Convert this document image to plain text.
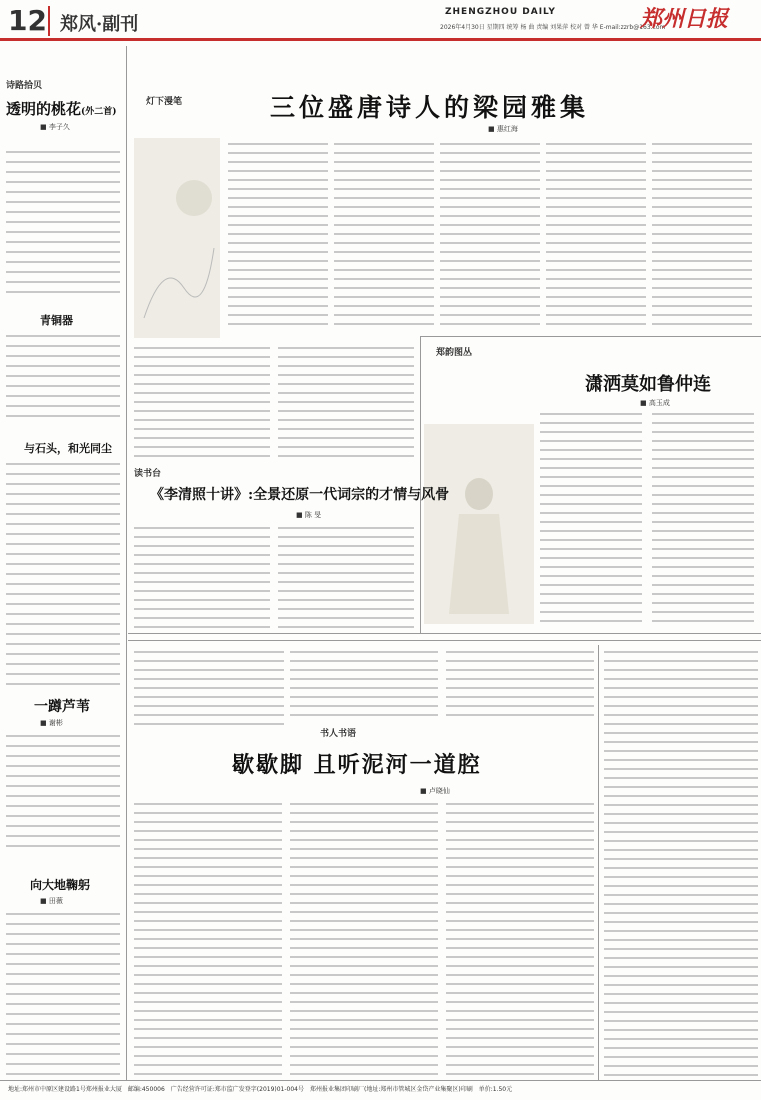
12 郑风·副刊
ZHENGZHOU DAILY
2026年4月30日 星期四 统筹 杨 曲 责编 刘果萍 校对 曾 华 E-mail:zzrb@163.com
郑州日报
诗路拾贝
透明的桃花(外二首)
■ 李子久
青铜器
与石头，和光同尘
一蹲芦苇
■ 谢彬
向大地鞠躬
■ 田薇
灯下漫笔	三位盛唐诗人的梁园雅集
■ 惠红海
郑韵图丛
潇洒莫如鲁仲连
■ 高玉成
读书台
《李清照十讲》:全景还原一代词宗的才情与风骨
■ 陈 旻
书人书语
歇歇脚 且听泥河一道腔
■ 卢晓仙
地址:郑州市中原区建设路1号郑州报业大厦　邮编:450006　广告经营许可证:郑市监广发登字(2019)01-004号　郑州报业集团印刷厂(地址:郑州市管城区金岱产业集聚区)印刷　单价:1.50元
